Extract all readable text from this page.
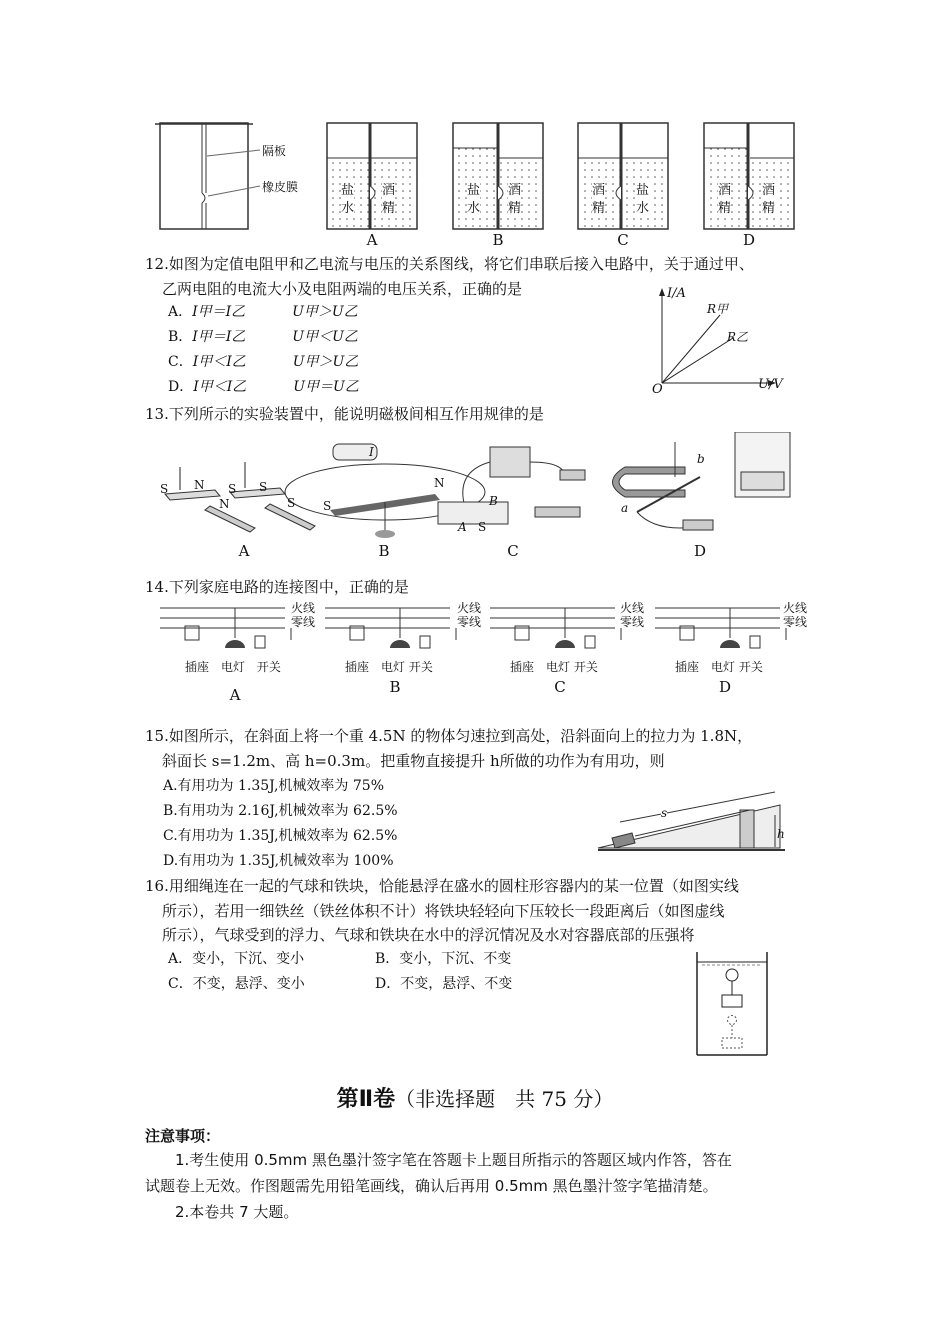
隔板
橡皮膜	盐
水
酒
精
盐
水
酒
精
酒
精
盐
水
酒
精
酒
精
A	B	C	D
12.如图为定值电阻甲和乙电流与电压的关系图线，将它们串联后接入电路中，关于通过甲、
乙两电阻的电流大小及电阻两端的电压关系，正确的是
A．I甲＝I乙	U甲＞U乙
B．I甲＝I乙	U甲＜U乙
C．I甲＜I乙	U甲＞U乙
D．I甲＜I乙	U甲＝U乙
I/A
U/V
O
R甲
R乙
13.下列所示的实验装置中，能说明磁极间相互作用规律的是
S N S S
N	S
I
N
S	B
A S
a
b
A	B	C	D
14.下列家庭电路的连接图中，正确的是
火线
零线
火线
零线
火线
零线
火线
零线
插座　 电灯 开关	插座　 电灯 开关	插座　 电灯 开关	插座　 电灯 开关
A	B	C	D
15.如图所示，在斜面上将一个重 4.5N 的物体匀速拉到高处，沿斜面向上的拉力为 1.8N，
斜面长 s=1.2m、高 h=0.3m。把重物直接提升 h所做的功作为有用功，则
A.有用功为 1.35J,机械效率为 75%
B.有用功为 2.16J,机械效率为 62.5%
C.有用功为 1.35J,机械效率为 62.5%
D.有用功为 1.35J,机械效率为 100%
s
h
16.用细绳连在一起的气球和铁块，恰能悬浮在盛水的圆柱形容器内的某一位置（如图实线
所示），若用一细铁丝（铁丝体积不计）将铁块轻轻向下压较长一段距离后（如图虚线
所示），气球受到的浮力、气球和铁块在水中的浮沉情况及水对容器底部的压强将
A．变小，下沉、变小	B．变小，下沉、不变
C．不变，悬浮、变小	D．不变，悬浮、不变
第Ⅱ卷（非选择题　共 75 分）
注意事项：
1.考生使用 0.5mm 黑色墨汁签字笔在答题卡上题目所指示的答题区域内作答，答在
试题卷上无效。作图题需先用铅笔画线，确认后再用 0.5mm 黑色墨汁签字笔描清楚。
2.本卷共 7 大题。
